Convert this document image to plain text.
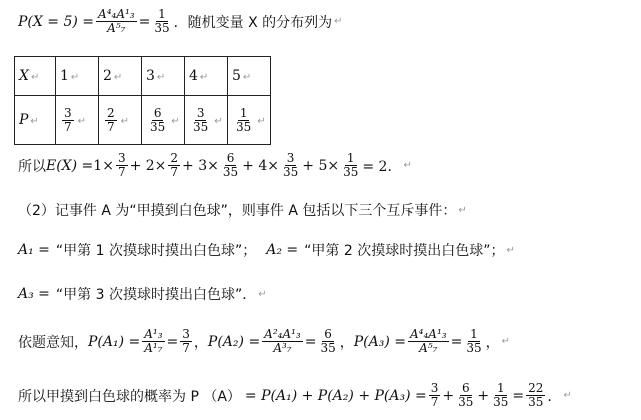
$P(X = 5) = \frac{\text{A⁴₄A¹₃}}{\text{A⁵₇}} = \frac{1}{35}$ ．随机变量 X 的分布列为 ↵
X ↵	1 ↵	2 ↵	3 ↵	4 ↵	5 ↵
P ↵	$\frac{3}{7}$ ↵	$\frac{2}{7}$ ↵	$\frac{6}{35}$ ↵	$\frac{3}{35}$ ↵	$\frac{1}{35}$ ↵
所以 $E(X) = 1\times \frac{3}{7} + 2\times \frac{2}{7} + 3\times \frac{6}{35} + 4\times \frac{3}{35} + 5\times \frac{1}{35} = 2$． ↵
（2）记事件 A 为“甲摸到白色球”，则事件 A 包括以下三个互斥事件： ↵
A₁ = “甲第 1 次摸球时摸出白色球”； A₂ = “甲第 2 次摸球时摸出白色球”； ↵
A₃ = “甲第 3 次摸球时摸出白色球”． ↵
依题意知， $P(A_1) = \frac{\text{A¹₃}}{\text{A¹₇}} = \frac{3}{7}$ ， $P(A_2) = \frac{\text{A²₄A¹₃}}{\text{A³₇}} = \frac{6}{35}$ ， $P(A_3) = \frac{\text{A⁴₄A¹₃}}{\text{A⁵₇}} = \frac{1}{35}$ ， ↵
所以甲摸到白色球的概率为 P $(A) = P(A_1) + P(A_2) + P(A_3) = \frac{3}{7} + \frac{6}{35} + \frac{1}{35} = \frac{22}{35}$ ． ↵
